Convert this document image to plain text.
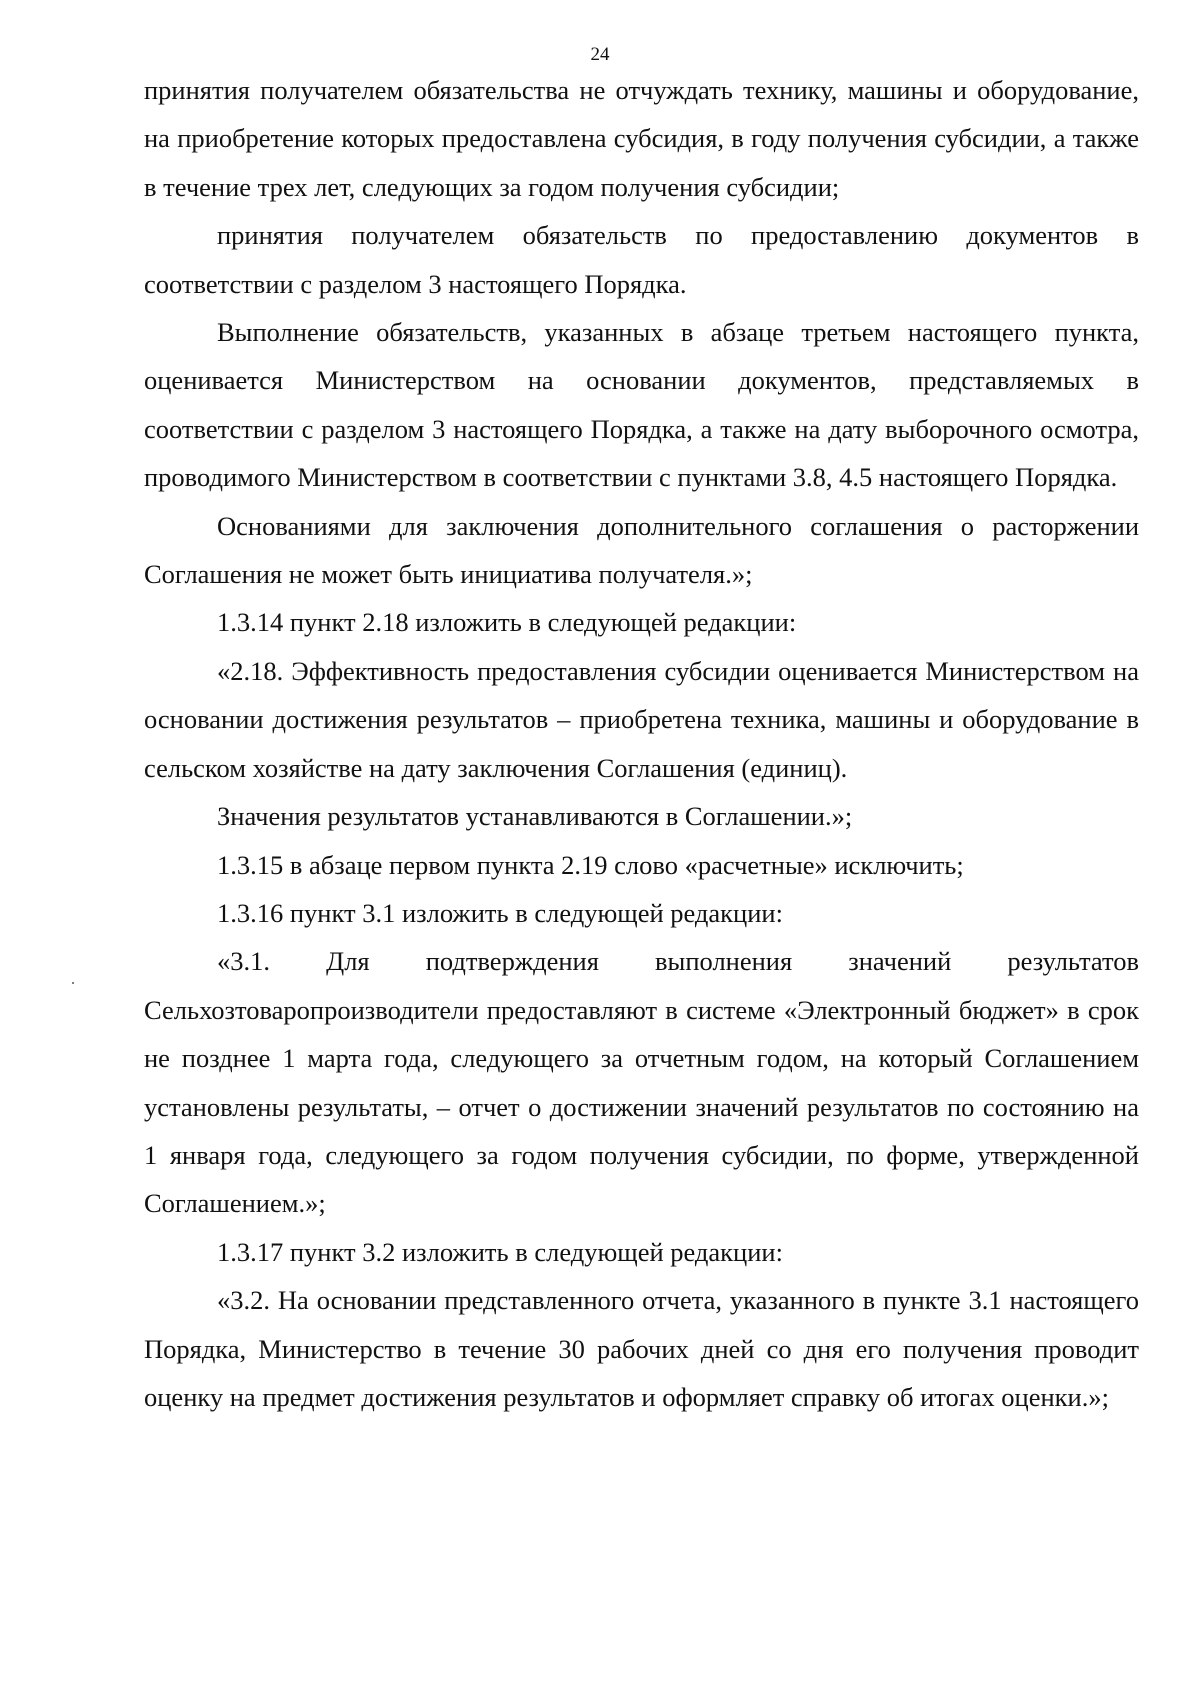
24

принятия получателем обязательства не отчуждать технику, машины и оборудование, на приобретение которых предоставлена субсидия, в году получения субсидии, а также в течение трех лет, следующих за годом получения субсидии;

принятия получателем обязательств по предоставлению документов в соответствии с разделом 3 настоящего Порядка.

Выполнение обязательств, указанных в абзаце третьем настоящего пункта, оценивается Министерством на основании документов, представляемых в соответствии с разделом 3 настоящего Порядка, а также на дату выборочного осмотра, проводимого Министерством в соответствии с пунктами 3.8, 4.5 настоящего Порядка.

Основаниями для заключения дополнительного соглашения о расторжении Соглашения не может быть инициатива получателя.»;

1.3.14 пункт 2.18 изложить в следующей редакции:

«2.18. Эффективность предоставления субсидии оценивается Министерством на основании достижения результатов – приобретена техника, машины и оборудование в сельском хозяйстве на дату заключения Соглашения (единиц).

Значения результатов устанавливаются в Соглашении.»;

1.3.15 в абзаце первом пункта 2.19 слово «расчетные» исключить;

1.3.16 пункт 3.1 изложить в следующей редакции:

«3.1. Для подтверждения выполнения значений результатов Сельхозтоваропроизводители предоставляют в системе «Электронный бюджет» в срок не позднее 1 марта года, следующего за отчетным годом, на который Соглашением установлены результаты, – отчет о достижении значений результатов по состоянию на 1 января года, следующего за годом получения субсидии, по форме, утвержденной Соглашением.»;

1.3.17 пункт 3.2 изложить в следующей редакции:

«3.2. На основании представленного отчета, указанного в пункте 3.1 настоящего Порядка, Министерство в течение 30 рабочих дней со дня его получения проводит оценку на предмет достижения результатов и оформляет справку об итогах оценки.»;
